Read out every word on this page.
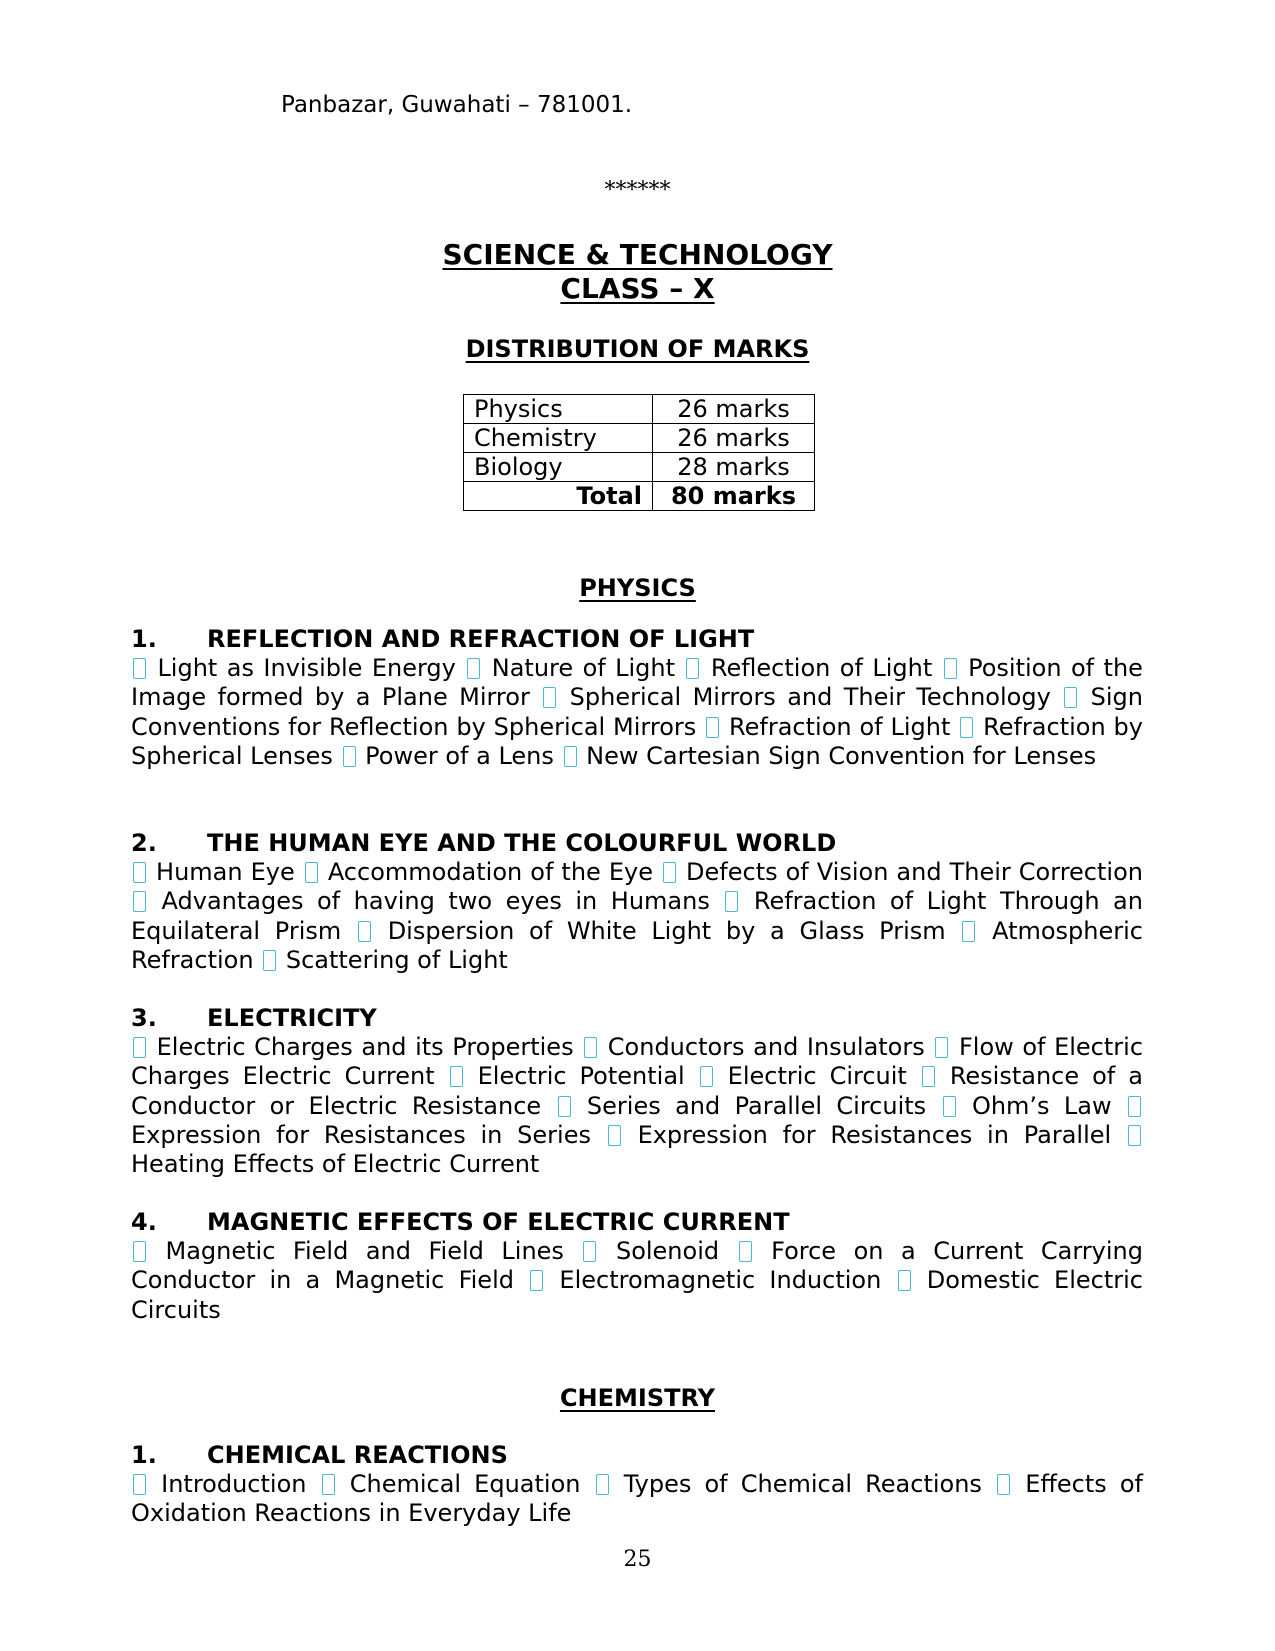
Panbazar, Guwahati – 781001.
******
SCIENCE & TECHNOLOGY
CLASS – X
DISTRIBUTION OF MARKS
Physics	26 marks
Chemistry	26 marks
Biology	28 marks
Total	80 marks
PHYSICS
1. REFLECTION AND REFRACTION OF LIGHT
Light as Invisible Energy Nature of Light Reflection of Light Position of the Image formed by a Plane Mirror Spherical Mirrors and Their Technology Sign Conventions for Reflection by Spherical Mirrors Refraction of Light Refraction by Spherical Lenses Power of a Lens New Cartesian Sign Convention for Lenses
2. THE HUMAN EYE AND THE COLOURFUL WORLD
Human Eye Accommodation of the Eye Defects of Vision and Their Correction  Advantages of having two eyes in Humans Refraction of Light Through an Equilateral Prism Dispersion of White Light by a Glass Prism Atmospheric Refraction Scattering of Light
3. ELECTRICITY
Electric Charges and its Properties Conductors and Insulators Flow of Electric Charges Electric Current Electric Potential Electric Circuit Resistance of a Conductor or Electric Resistance Series and Parallel Circuits Ohm’s Law  Expression for Resistances in Series Expression for Resistances in Parallel  Heating Effects of Electric Current
4. MAGNETIC EFFECTS OF ELECTRIC CURRENT
Magnetic Field and Field Lines Solenoid Force on a Current Carrying Conductor in a Magnetic Field Electromagnetic Induction Domestic Electric Circuits
CHEMISTRY
1. CHEMICAL REACTIONS
Introduction Chemical Equation Types of Chemical Reactions Effects of Oxidation Reactions in Everyday Life
25
